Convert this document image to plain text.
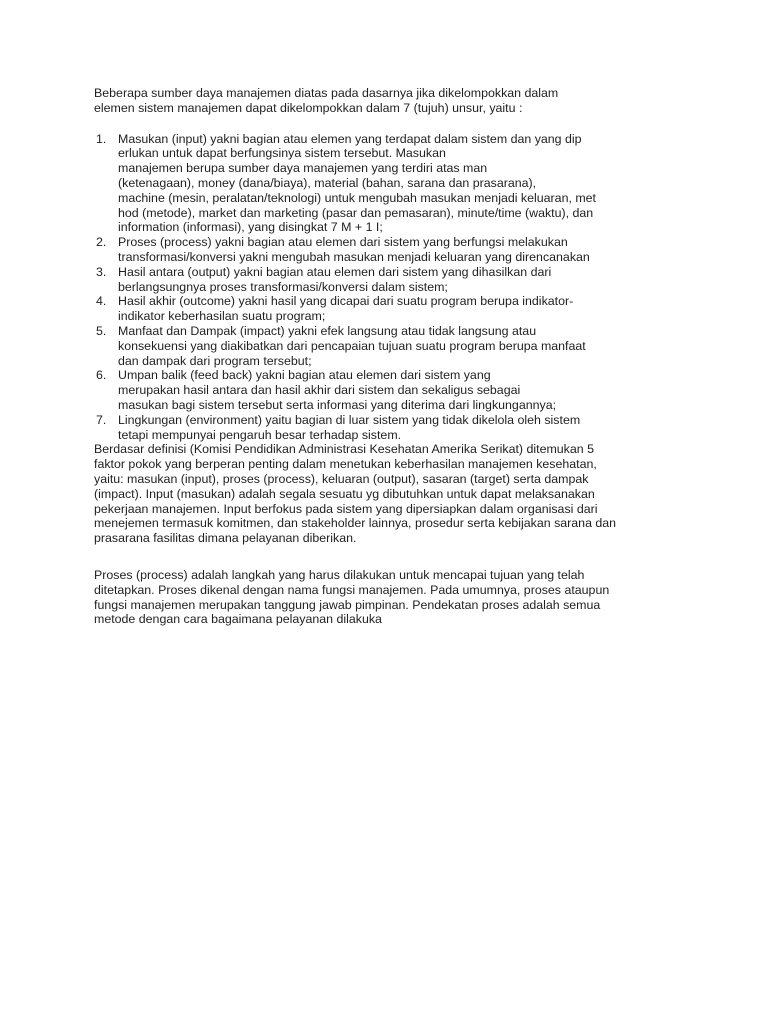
Beberapa sumber daya manajemen diatas pada dasarnya jika dikelompokkan dalam
elemen sistem manajemen dapat dikelompokkan dalam 7 (tujuh) unsur, yaitu :

1. Masukan (input) yakni bagian atau elemen yang terdapat dalam sistem dan yang dip
erlukan untuk dapat berfungsinya sistem tersebut. Masukan
manajemen berupa sumber daya manajemen yang terdiri atas man
(ketenagaan), money (dana/biaya), material (bahan, sarana dan prasarana),
machine (mesin, peralatan/teknologi) untuk mengubah masukan menjadi keluaran, met
hod (metode), market dan marketing (pasar dan pemasaran), minute/time (waktu), dan
information (informasi), yang disingkat 7 M + 1 I;
2. Proses (process) yakni bagian atau elemen dari sistem yang berfungsi melakukan
transformasi/konversi yakni mengubah masukan menjadi keluaran yang direncanakan
3. Hasil antara (output) yakni bagian atau elemen dari sistem yang dihasilkan dari
berlangsungnya proses transformasi/konversi dalam sistem;
4. Hasil akhir (outcome) yakni hasil yang dicapai dari suatu program berupa indikator-
indikator keberhasilan suatu program;
5. Manfaat dan Dampak (impact) yakni efek langsung atau tidak langsung atau
konsekuensi yang diakibatkan dari pencapaian tujuan suatu program berupa manfaat
dan dampak dari program tersebut;
6. Umpan balik (feed back) yakni bagian atau elemen dari sistem yang
merupakan hasil antara dan hasil akhir dari sistem dan sekaligus sebagai
masukan bagi sistem tersebut serta informasi yang diterima dari lingkungannya;
7. Lingkungan (environment) yaitu bagian di luar sistem yang tidak dikelola oleh sistem
tetapi mempunyai pengaruh besar terhadap sistem.

Berdasar definisi (Komisi Pendidikan Administrasi Kesehatan Amerika Serikat) ditemukan 5
faktor pokok yang berperan penting dalam menetukan keberhasilan manajemen kesehatan,
yaitu: masukan (input), proses (process), keluaran (output), sasaran (target) serta dampak
(impact). Input (masukan) adalah segala sesuatu yg dibutuhkan untuk dapat melaksanakan
pekerjaan manajemen. Input berfokus pada sistem yang dipersiapkan dalam organisasi dari
menejemen termasuk komitmen, dan stakeholder lainnya, prosedur serta kebijakan sarana dan
prasarana fasilitas dimana pelayanan diberikan.

Proses (process) adalah langkah yang harus dilakukan untuk mencapai tujuan yang telah
ditetapkan. Proses dikenal dengan nama fungsi manajemen. Pada umumnya, proses ataupun
fungsi manajemen merupakan tanggung jawab pimpinan. Pendekatan proses adalah semua
metode dengan cara bagaimana pelayanan dilakuka
